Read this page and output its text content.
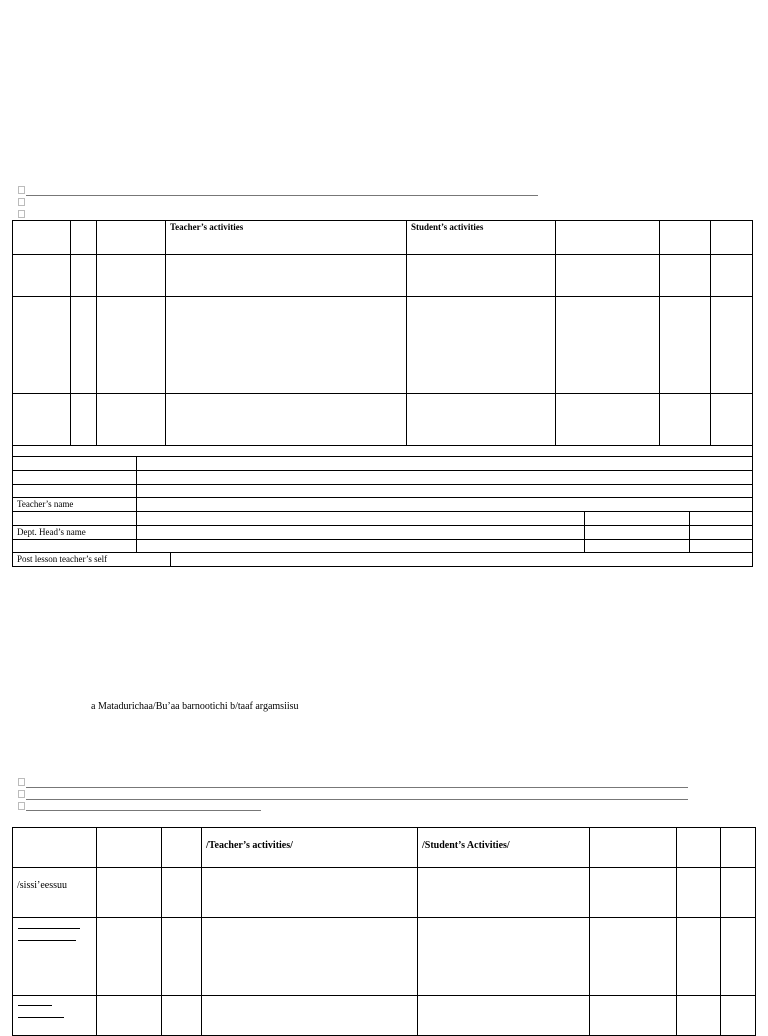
			Teacher’s activities	Student’s activities			

Teacher’s name				

Dept. Head’s name				

Post lesson teacher’s self				
a Matadurichaа/Bu’aa barnootichi b/taaf argamsiisu
			/Teacher’s activities/	/Student’s Activities/			
/sissi’eessuu							
